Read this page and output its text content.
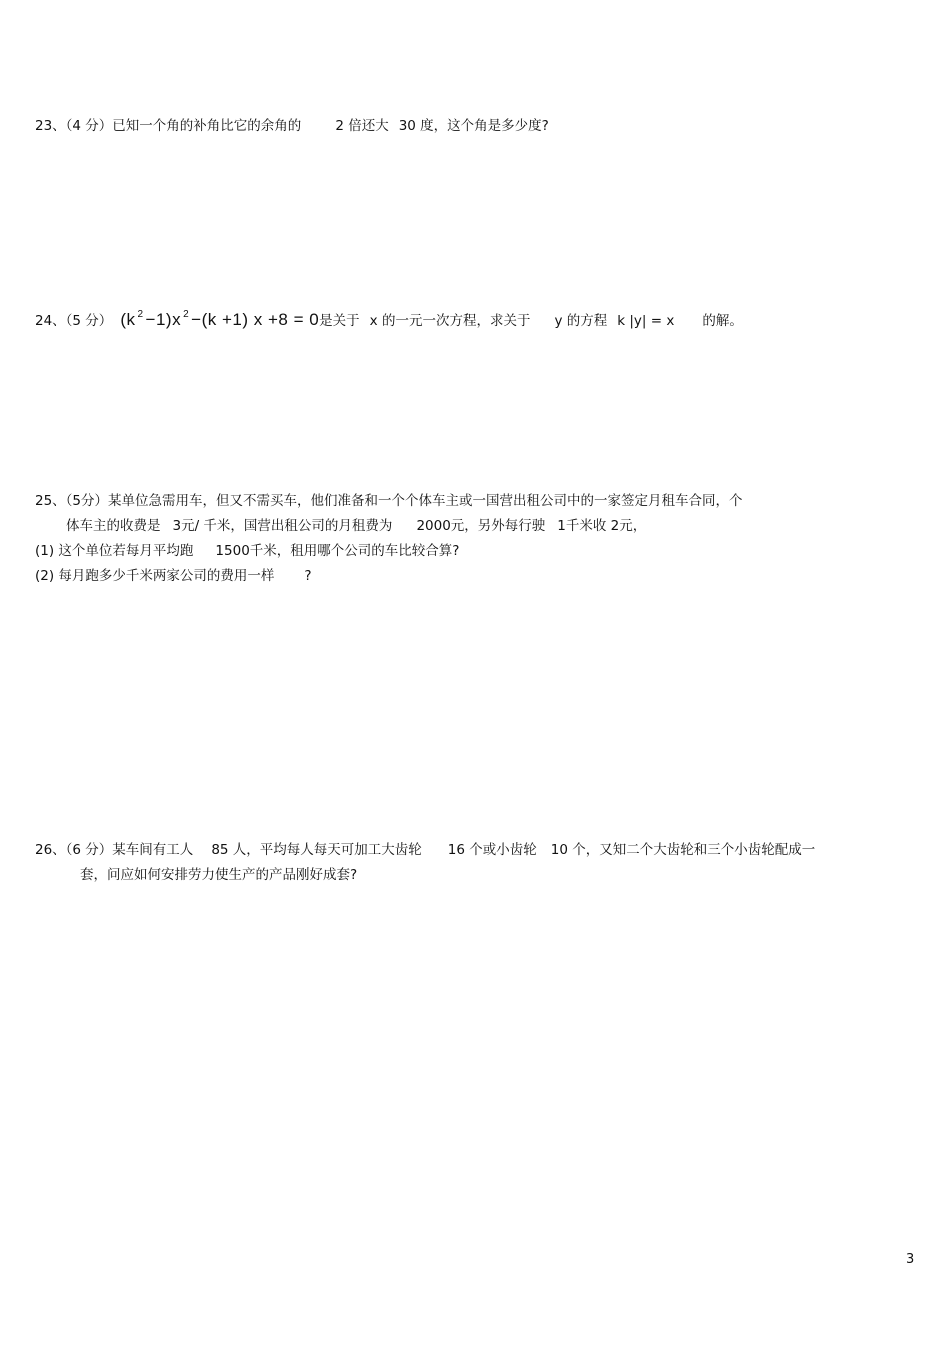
23、（4 分）已知一个角的补角比它的余角的	2 倍还大 30 度，这个角是多少度?
24、（5 分） (k $^2$ −1)x $^2$ −(k +1) x +8 = 0是关于 x 的一元一次方程，求关于 y 的方程 k |y| = x 的解。
25、（5分）某单位急需用车，但又不需买车，他们准备和一个个体车主或一国营出租公司中的一家签定月租车合同，个
体车主的收费是 3元/ 千米，国营出租公司的月租费为 2000元，另外每行驶 1千米收 2元，
(1) 这个单位若每月平均跑 1500千米，租用哪个公司的车比较合算?
(2) 每月跑多少千米两家公司的费用一样 ?
26、（6 分）某车间有工人 85 人，平均每人每天可加工大齿轮 16 个或小齿轮 10 个，又知二个大齿轮和三个小齿轮配成一
套，问应如何安排劳力使生产的产品刚好成套?
3
